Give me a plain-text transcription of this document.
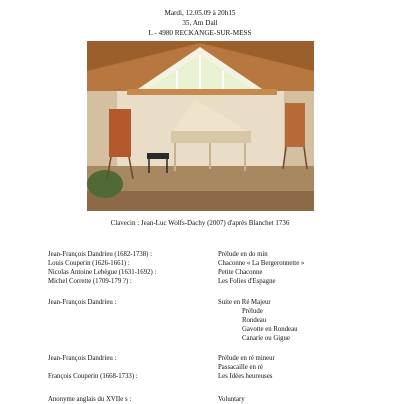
Mardi, 12.05.09 à 20h15
35, Am Dall
L - 4980 RECKANGE-SUR-MESS
Clavecin : Jean-Luc Wolfs-Dachy (2007) d'après Blanchet 1736
Jean-François Dandrieu (1682-1738) :
Louis Couperin (1626-1661) :
Nicolas Antoine Lebègue (1631-1692) :
Michel Corrette (1709-179 ?) :
Prélude en do min
Chaconne « La Bergeronnette »
Petite Chaconne
Les Folies d'Espagne
Jean-François Dandrieu :	Suite en Ré Majeur
Prélude
Rondeau
Gavotte en Rondeau
Canarie ou Gigue
Jean-François Dandrieu :
François Couperin (1668-1733) :
Prélude en ré mineur
Passacaille en ré
Les Idées heureuses
Anonyme anglais du XVIIe s :	Voluntary
